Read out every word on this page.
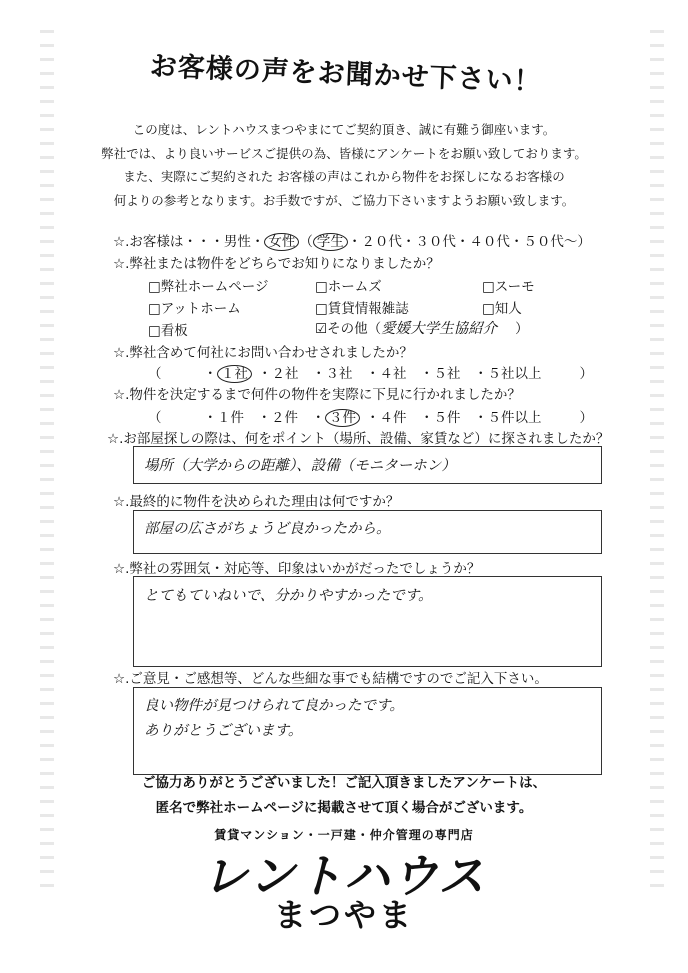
お客様の声をお聞かせ下さい！
この度は、レントハウスまつやまにてご契約頂き、誠に有難う御座います。
弊社では、より良いサービスご提供の為、皆様にアンケートをお願い致しております。
また、実際にご契約された お客様の声はこれから物件をお探しになるお客様の
何よりの参考となります。お手数ですが、ご協力下さいますようお願い致します。
☆.お客様は・・・男性・ 女性 （ 学生 ・２０代・３０代・４０代・５０代～）
☆.弊社または物件をどちらでお知りになりましたか？
□弊社ホームページ	□ホームズ	□スーモ
□アットホーム	□賃貸情報雑誌	□知人
□看板	☑その他（愛媛大学生協紹介 ）
☆.弊社含めて何社にお問い合わせされましたか？
（	・ １社 ・２社　・３社　・４社　・５社　・５社以上	）
☆.物件を決定するまで何件の物件を実際に下見に行かれましたか？
（	・１件　・２件　・ ３件 ・４件　・５件　・５件以上	）
☆.お部屋探しの際は、何をポイント（場所、設備、家賃など）に探されましたか？
場所（大学からの距離）、設備（モニターホン）
☆.最終的に物件を決められた理由は何ですか？
部屋の広さがちょうど良かったから。
☆.弊社の雰囲気・対応等、印象はいかがだったでしょうか？
とてもていねいで、分かりやすかったです。
☆.ご意見・ご感想等、どんな些細な事でも結構ですのでご記入下さい。
良い物件が見つけられて良かったです。
ありがとうございます。
ご協力ありがとうございました！ご記入頂きましたアンケートは、
匿名で弊社ホームページに掲載させて頂く場合がございます。
賃貸マンション・一戸建・仲介管理の専門店
レントハウス
まつやま
